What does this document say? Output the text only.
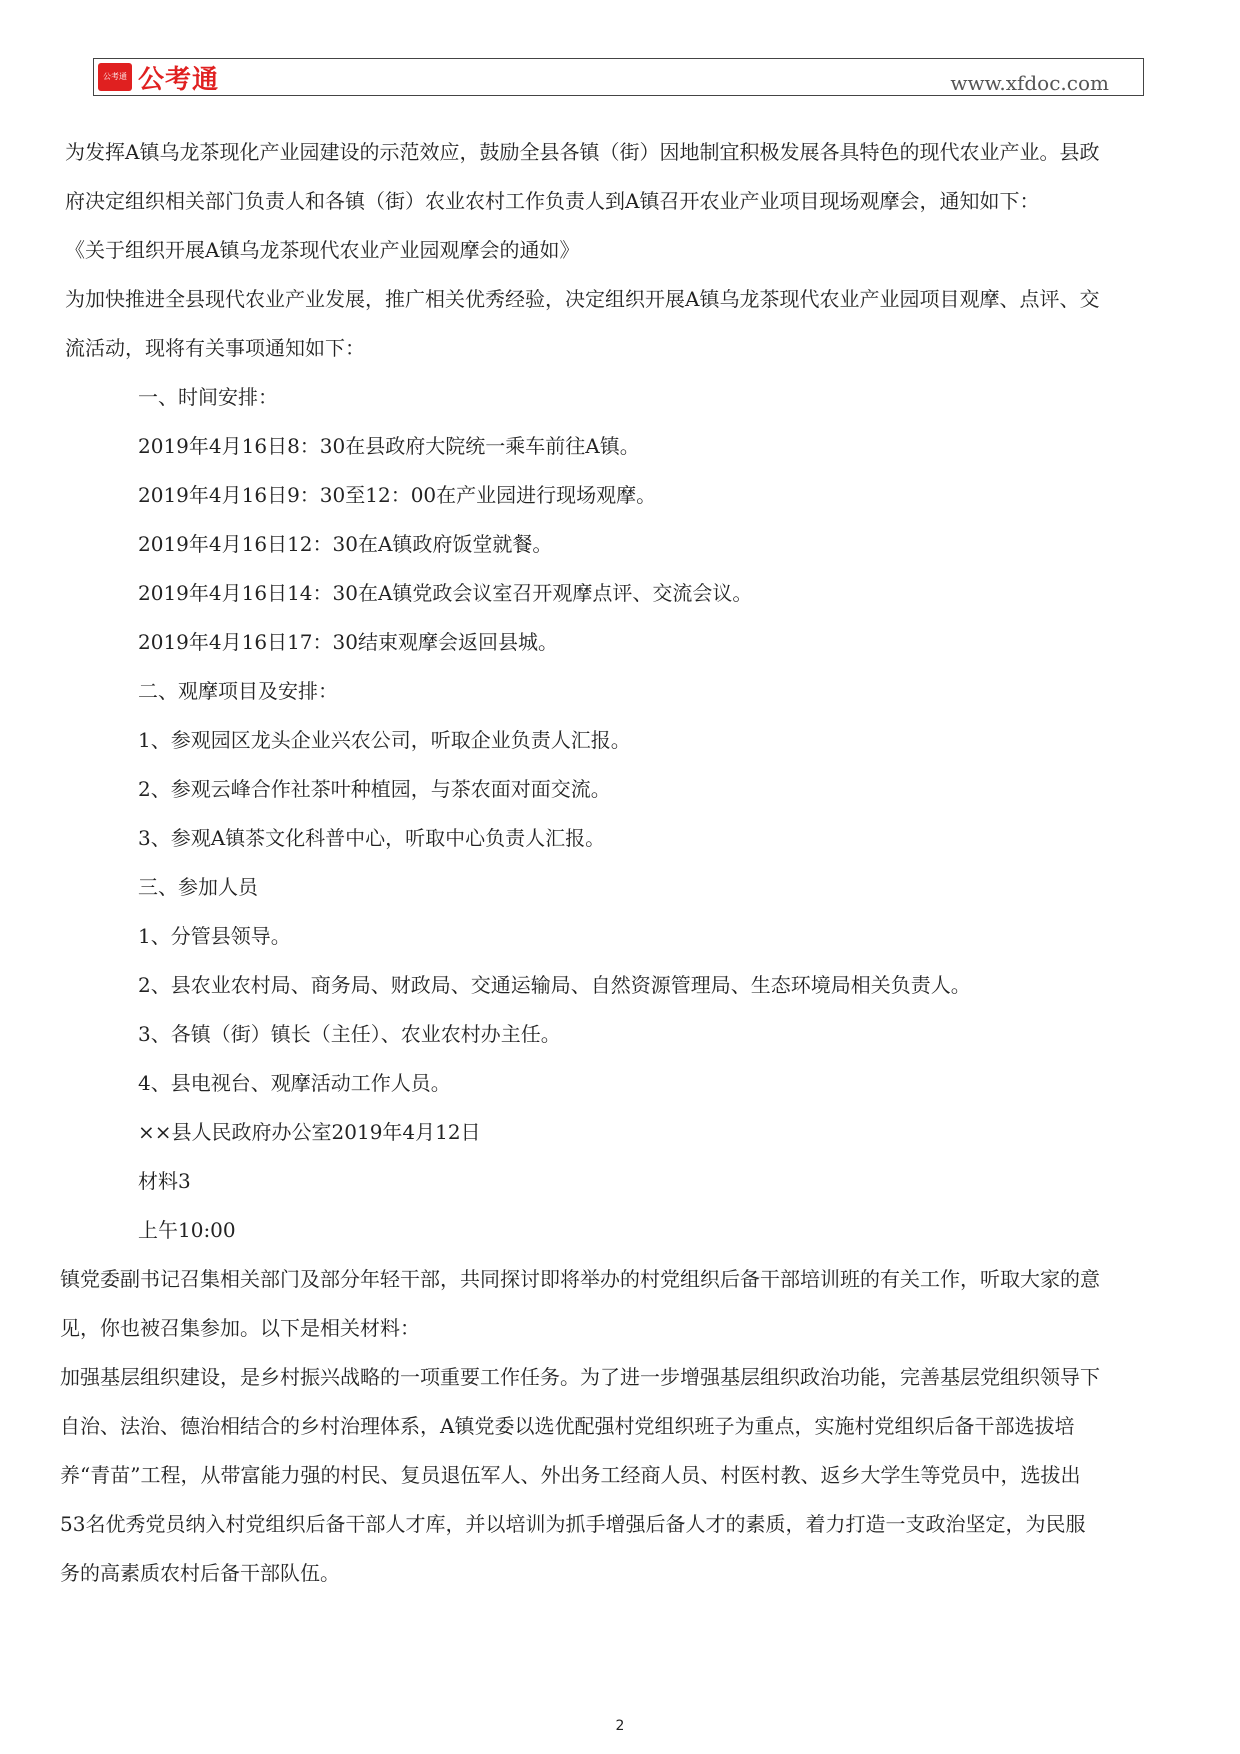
公考通 公考通	www.xfdoc.com

为发挥A镇乌龙茶现化产业园建设的示范效应，鼓励全县各镇（街）因地制宜积极发展各具特色的现代农业产业。县政府决定组织相关部门负责人和各镇（街）农业农村工作负责人到A镇召开农业产业项目现场观摩会，通知如下：

《关于组织开展A镇乌龙茶现代农业产业园观摩会的通如》

为加快推进全县现代农业产业发展，推广相关优秀经验，决定组织开展A镇乌龙茶现代农业产业园项目观摩、点评、交流活动，现将有关事项通知如下：

一、时间安排：

2019年4月16日8：30在县政府大院统一乘车前往A镇。

2019年4月16日9：30至12：00在产业园进行现场观摩。

2019年4月16日12：30在A镇政府饭堂就餐。

2019年4月16日14：30在A镇党政会议室召开观摩点评、交流会议。

2019年4月16日17：30结束观摩会返回县城。

二、观摩项目及安排：

1、参观园区龙头企业兴农公司，听取企业负责人汇报。

2、参观云峰合作社茶叶种植园，与茶农面对面交流。

3、参观A镇茶文化科普中心，听取中心负责人汇报。

三、参加人员

1、分管县领导。

2、县农业农村局、商务局、财政局、交通运输局、自然资源管理局、生态环境局相关负责人。

3、各镇（街）镇长（主任）、农业农村办主任。

4、县电视台、观摩活动工作人员。

××县人民政府办公室2019年4月12日

材料3

上午10:00

镇党委副书记召集相关部门及部分年轻干部，共同探讨即将举办的村党组织后备干部培训班的有关工作，听取大家的意见，你也被召集参加。以下是相关材料：

加强基层组织建设，是乡村振兴战略的一项重要工作任务。为了进一步增强基层组织政治功能，完善基层党组织领导下自治、法治、德治相结合的乡村治理体系，A镇党委以选优配强村党组织班子为重点，实施村党组织后备干部选拔培养“青苗”工程，从带富能力强的村民、复员退伍军人、外出务工经商人员、村医村教、返乡大学生等党员中，选拔出53名优秀党员纳入村党组织后备干部人才库，并以培训为抓手增强后备人才的素质，着力打造一支政治坚定，为民服务的高素质农村后备干部队伍。

2
